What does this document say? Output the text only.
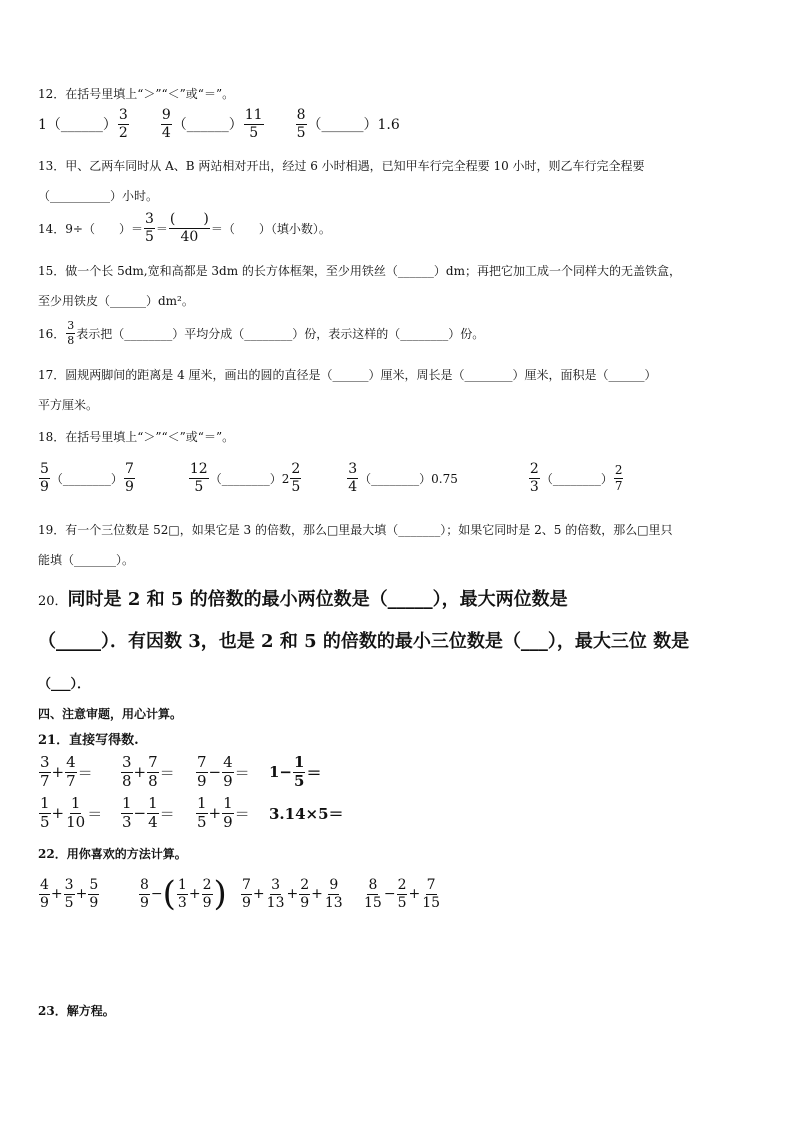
12．在括号里填上“＞”“＜”或“＝”。
1（______） $\frac{3}{2} \frac{9}{4}$ （______） $\frac{11}{5} \frac{8}{5}$ （______）1.6
13．甲、乙两车同时从 A、B 两站相对开出，经过 6 小时相遇，已知甲车行完全程要 10 小时，则乙车行完全程要
（__________）小时。
14．9÷（　　）＝ $\frac{3}{5} = \frac{( )}{40}$ ＝（　　）（填小数）。
15．做一个长 5dm,宽和高都是 3dm 的长方体框架，至少用铁丝（______）dm；再把它加工成一个同样大的无盖铁盒，
至少用铁皮（______）dm²。
16． $\frac{3}{8}$ 表示把（________）平均分成（________）份，表示这样的（________）份。
17．圆规两脚间的距离是 4 厘米，画出的圆的直径是（______）厘米，周长是（________）厘米，面积是（______）
平方厘米。
18．在括号里填上“＞”“＜”或“＝”。
$\frac{5}{9}$ （________） $\frac{7}{9}$	$\frac{12}{5}$ （________）2 $\frac{2}{5}$	$\frac{3}{4}$ （________）0.75	$\frac{2}{3}$ （________） $\frac{2}{7}$
19．有一个三位数是 52□，如果它是 3 的倍数，那么□里最大填（_______）；如果它同时是 2、5 的倍数，那么□里只
能填（_______）。
20． 同时是 2 和 5 的倍数的最小两位数是（_____），最大两位数是
（_____）．有因数 3，也是 2 和 5 的倍数的最小三位数是（___），最大三位 数是
（___）．
四、注意审题，用心计算。
21．直接写得数.
$\frac{3}{7} + \frac{4}{7} = \frac{3}{8} + \frac{7}{8} = \frac{7}{9} - \frac{4}{9} = 1- \frac{1}{5}$ ＝
$\frac{1}{5} + \frac{1}{10} = \frac{1}{3} - \frac{1}{4} = \frac{1}{5} + \frac{1}{9} = 3.14\times 5=$
22．用你喜欢的方法计算。
$\frac{4}{9} + \frac{3}{5} + \frac{5}{9}$	$\frac{8}{9}$ − ( $\frac{1}{3} + \frac{2}{9}$ ) $\frac{7}{9} + \frac{3}{13} + \frac{2}{9} + \frac{9}{13} \frac{8}{15} - \frac{2}{5} + \frac{7}{15}$
23．解方程。
